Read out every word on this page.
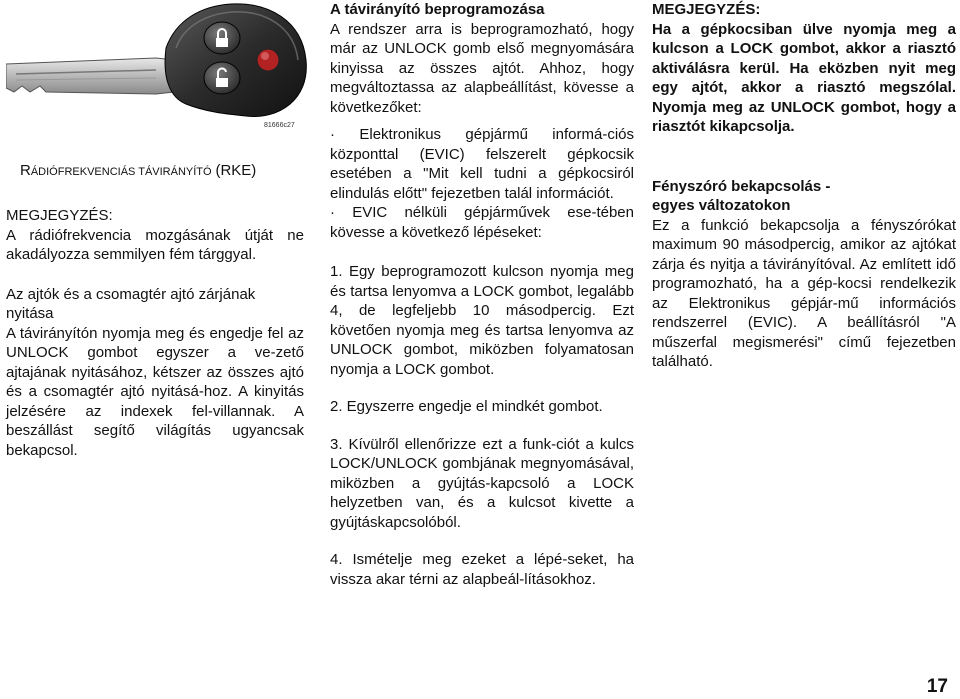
81666c27

RÁDIÓFREKVENCIÁS TÁVIRÁNYÍTÓ (RKE)

MEGJEGYZÉS:

A rádiófrekvencia mozgásának útját ne akadályozza semmilyen fém tárggyal.

Az ajtók és a csomagtér ajtó zárjának nyitása

A távirányítón nyomja meg és engedje fel az UNLOCK gombot egyszer a ve-zető ajtajának nyitásához, kétszer az összes ajtó és a csomagtér ajtó nyitásá-hoz. A kinyitás jelzésére az indexek fel-villannak. A beszállást segítő világítás ugyancsak bekapcsol.

A távirányító beprogramozása

A rendszer arra is beprogramozható, hogy már az UNLOCK gomb első megnyomására kinyissa az összes ajtót. Ahhoz, hogy megváltoztassa az alapbeállítást, kövesse a következőket:

· Elektronikus gépjármű informá-ciós központtal (EVIC) felszerelt gépkocsik esetében a "Mit kell tudni a gépkocsiról elindulás előtt" fejezetben talál információt.

· EVIC nélküli gépjárművek ese-tében kövesse a következő lépéseket:

1. Egy beprogramozott kulcson nyomja meg és tartsa lenyomva a LOCK gombot, legalább 4, de legfeljebb 10 másodpercig. Ezt követően nyomja meg és tartsa lenyomva az UNLOCK gombot, miközben folyamatosan nyomja a LOCK gombot.

2. Egyszerre engedje el mindkét gombot.

3. Kívülről ellenőrizze ezt a funk-ciót a kulcs LOCK/UNLOCK gombjának megnyomásával, miközben a gyújtás-kapcsoló a LOCK helyzetben van, és a kulcsot kivette a gyújtáskapcsolóból.

4. Ismételje meg ezeket a lépé-seket, ha vissza akar térni az alapbeál-lításokhoz.

MEGJEGYZÉS:

Ha a gépkocsiban ülve nyomja meg a kulcson a LOCK gombot, akkor a riasztó aktiválásra kerül. Ha eközben nyit meg egy ajtót, akkor a riasztó megszólal. Nyomja meg az UNLOCK gombot, hogy a riasztót kikapcsolja.

Fényszóró bekapcsolás -

egyes változatokon

Ez a funkció bekapcsolja a fényszórókat maximum 90 másodpercig, amikor az ajtókat zárja és nyitja a távirányítóval. Az említett idő programozható, ha a gép-kocsi rendelkezik az Elektronikus gépjár-mű információs rendszerrel (EVIC). A beállításról "A műszerfal megismerési" című fejezetben található.

17
